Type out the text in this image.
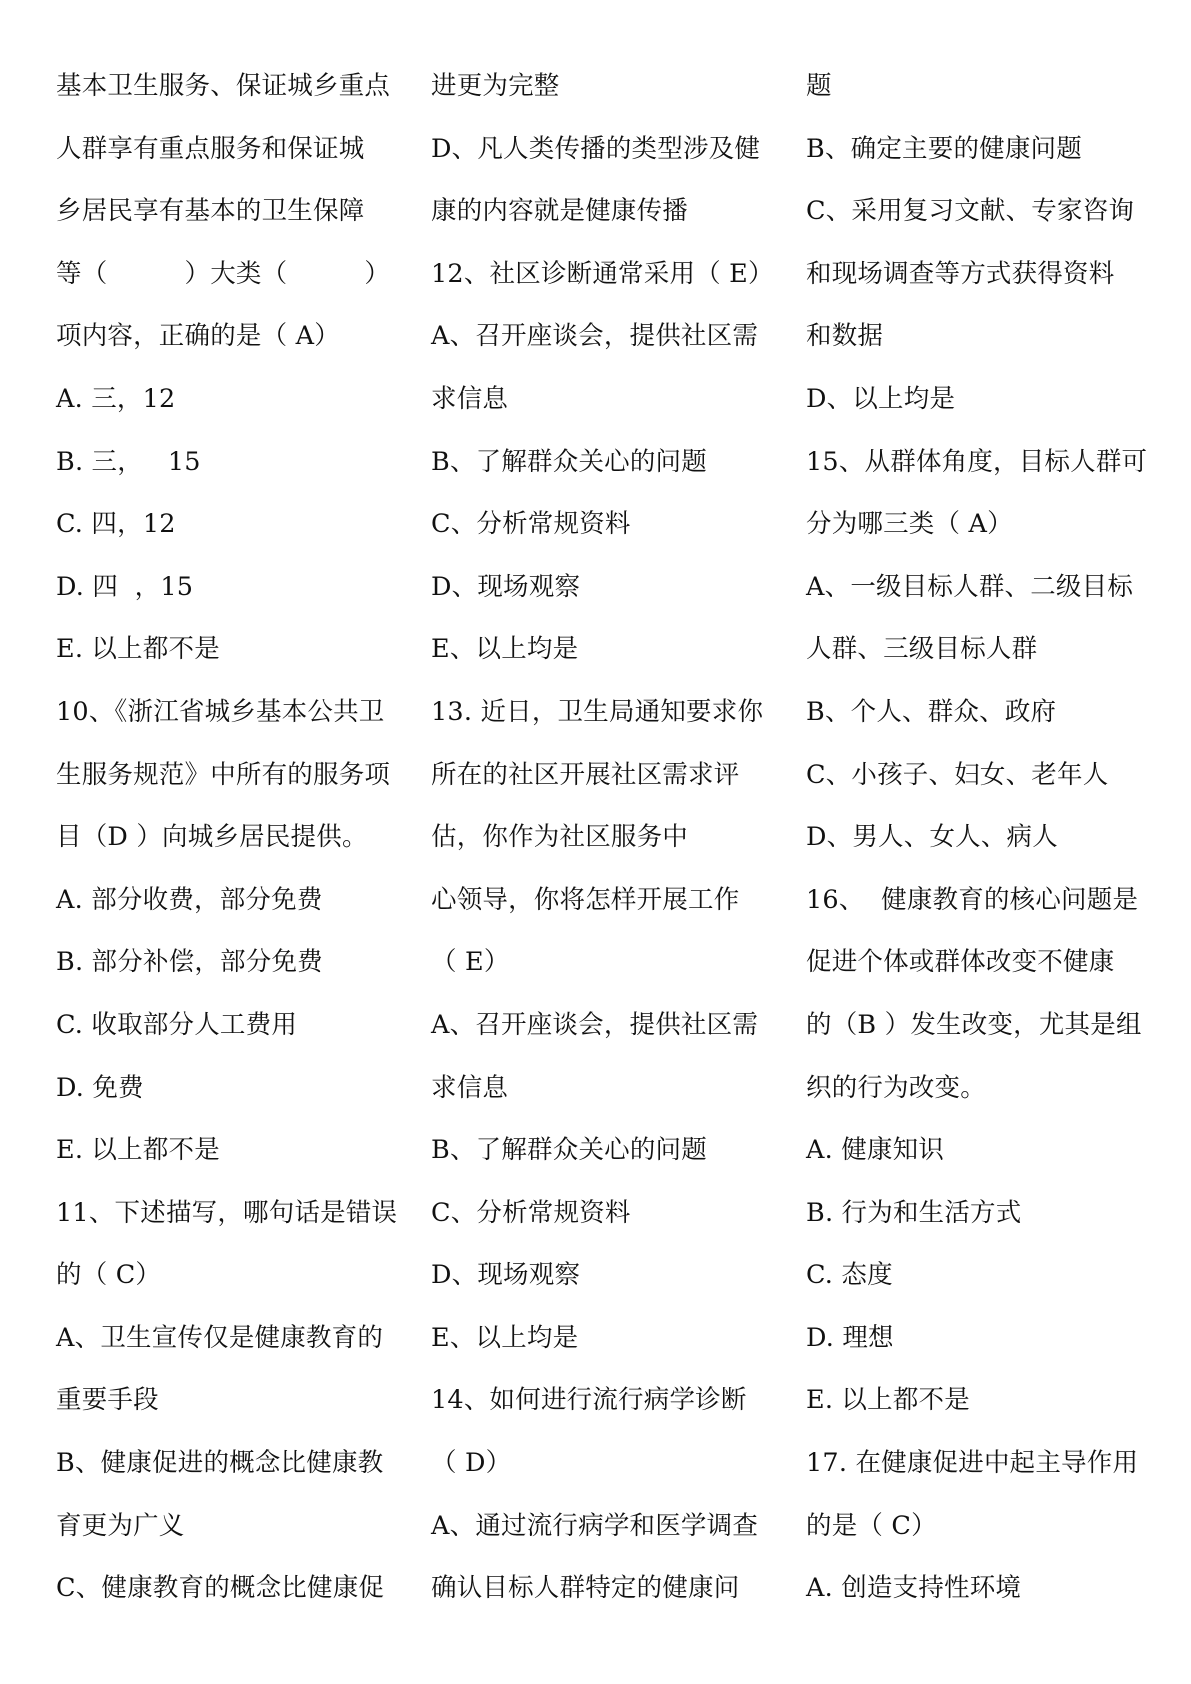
基本卫生服务、保证城乡重点
人群享有重点服务和保证城
乡居民享有基本的卫生保障
等（　　　）大类（　　　）
项内容，正确的是（ A）
A. 三，12
B. 三，   15
C. 四，12
D. 四  ，15
E. 以上都不是
10、《浙江省城乡基本公共卫
生服务规范》中所有的服务项
目（D ）向城乡居民提供。
A. 部分收费，部分免费
B. 部分补偿，部分免费
C. 收取部分人工费用
D. 免费
E. 以上都不是
11、下述描写，哪句话是错误
的（ C）
A、卫生宣传仅是健康教育的
重要手段
B、健康促进的概念比健康教
育更为广义
C、健康教育的概念比健康促
进更为完整
D、凡人类传播的类型涉及健
康的内容就是健康传播
12、社区诊断通常采用（ E）
A、召开座谈会，提供社区需
求信息
B、了解群众关心的问题
C、分析常规资料
D、现场观察
E、以上均是
13. 近日，卫生局通知要求你
所在的社区开展社区需求评
估，你作为社区服务中
心领导，你将怎样开展工作
（ E）
A、召开座谈会，提供社区需
求信息
B、了解群众关心的问题
C、分析常规资料
D、现场观察
E、以上均是
14、如何进行流行病学诊断
（ D）
A、通过流行病学和医学调查
确认目标人群特定的健康问
题
B、确定主要的健康问题
C、采用复习文献、专家咨询
和现场调查等方式获得资料
和数据
D、以上均是
15、从群体角度，目标人群可
分为哪三类（ A）
A、一级目标人群、二级目标
人群、三级目标人群
B、个人、群众、政府
C、小孩子、妇女、老年人
D、男人、女人、病人
16、  健康教育的核心问题是
促进个体或群体改变不健康
的（B ）发生改变，尤其是组
织的行为改变。
A. 健康知识
B. 行为和生活方式
C. 态度
D. 理想
E. 以上都不是
17. 在健康促进中起主导作用
的是（ C）
A. 创造支持性环境
